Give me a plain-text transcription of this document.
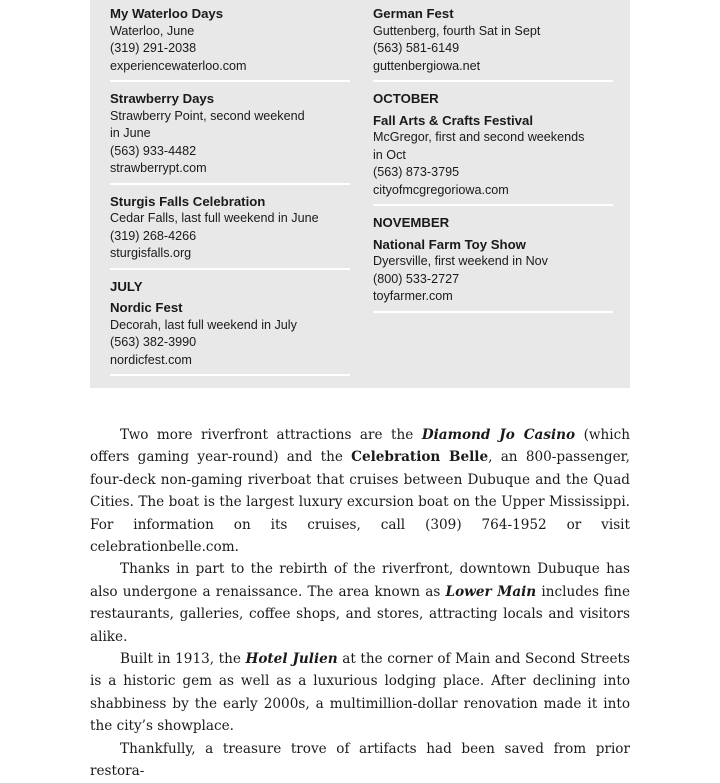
My Waterloo Days
Waterloo, June
(319) 291-2038
experiencewaterloo.com
Strawberry Days
Strawberry Point, second weekend
in June
(563) 933-4482
strawberrypt.com
Sturgis Falls Celebration
Cedar Falls, last full weekend in June
(319) 268-4266
sturgisfalls.org
JULY
Nordic Fest
Decorah, last full weekend in July
(563) 382-3990
nordicfest.com
German Fest
Guttenberg, fourth Sat in Sept
(563) 581-6149
guttenbergiowa.net
OCTOBER
Fall Arts & Crafts Festival
McGregor, first and second weekends
in Oct
(563) 873-3795
cityofmcgregoriowa.com
NOVEMBER
National Farm Toy Show
Dyersville, first weekend in Nov
(800) 533-2727
toyfarmer.com

Two more riverfront attractions are the Diamond Jo Casino (which offers gaming year-round) and the Celebration Belle, an 800-passenger, four-deck non-gaming riverboat that cruises between Dubuque and the Quad Cities. The boat is the largest luxury excursion boat on the Upper Mississippi. For information on its cruises, call (309) 764-1952 or visit celebrationbelle.com.

Thanks in part to the rebirth of the riverfront, downtown Dubuque has also undergone a renaissance. The area known as Lower Main includes fine restaurants, galleries, coffee shops, and stores, attracting locals and visitors alike.

Built in 1913, the Hotel Julien at the corner of Main and Second Streets is a historic gem as well as a luxurious lodging place. After declining into shabbiness by the early 2000s, a multimillion-dollar renovation made it into the city’s showplace.

Thankfully, a treasure trove of artifacts had been saved from prior restora-
